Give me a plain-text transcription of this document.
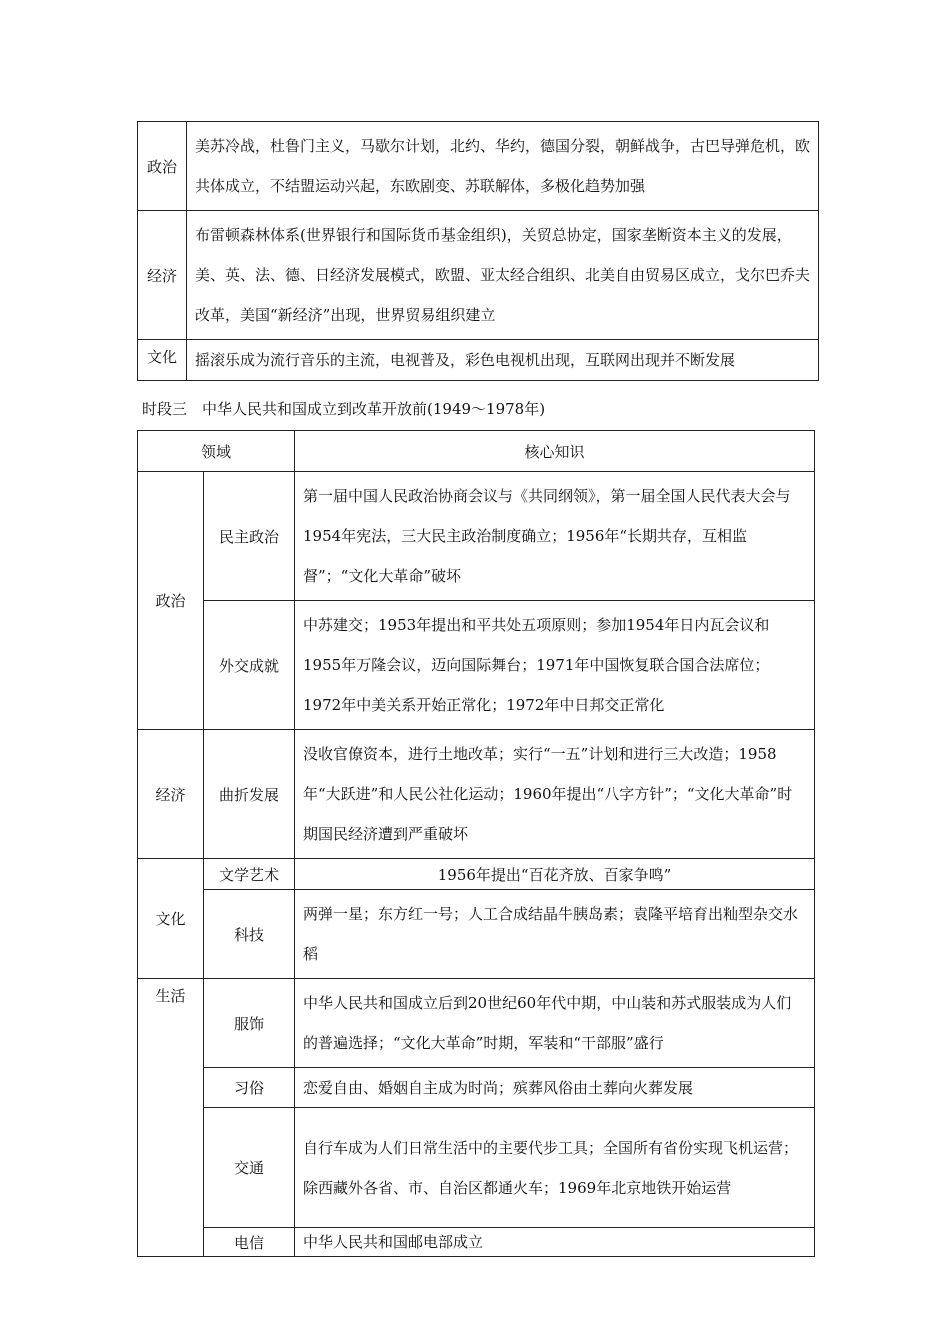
政治	美苏冷战，杜鲁门主义，马歇尔计划，北约、华约，德国分裂，朝鲜战争，古巴导弹危机，欧共体成立，不结盟运动兴起，东欧剧变、苏联解体，多极化趋势加强
经济	布雷顿森林体系(世界银行和国际货币基金组织)，关贸总协定，国家垄断资本主义的发展，美、英、法、德、日经济发展模式，欧盟、亚太经合组织、北美自由贸易区成立，戈尔巴乔夫改革，美国“新经济”出现，世界贸易组织建立
文化	摇滚乐成为流行音乐的主流，电视普及，彩色电视机出现，互联网出现并不断发展
时段三　中华人民共和国成立到改革开放前(1949～1978年)
领域		核心知识
政治	民主政治	第一届中国人民政治协商会议与《共同纲领》，第一届全国人民代表大会与1954年宪法，三大民主政治制度确立；1956年“长期共存，互相监督”；“文化大革命”破坏
	外交成就	中苏建交；1953年提出和平共处五项原则；参加1954年日内瓦会议和1955年万隆会议，迈向国际舞台；1971年中国恢复联合国合法席位；1972年中美关系开始正常化；1972年中日邦交正常化
经济	曲折发展	没收官僚资本，进行土地改革；实行“一五”计划和进行三大改造；1958年“大跃进”和人民公社化运动；1960年提出“八字方针”；“文化大革命”时期国民经济遭到严重破坏
文化	文学艺术	1956年提出“百花齐放、百家争鸣”
	科技	两弹一星；东方红一号；人工合成结晶牛胰岛素；袁隆平培育出籼型杂交水稻
生活	服饰	中华人民共和国成立后到20世纪60年代中期，中山装和苏式服装成为人们的普遍选择；“文化大革命”时期，军装和“干部服”盛行
	习俗	恋爱自由、婚姻自主成为时尚；殡葬风俗由土葬向火葬发展
	交通	自行车成为人们日常生活中的主要代步工具；全国所有省份实现飞机运营；除西藏外各省、市、自治区都通火车；1969年北京地铁开始运营
	电信	中华人民共和国邮电部成立
